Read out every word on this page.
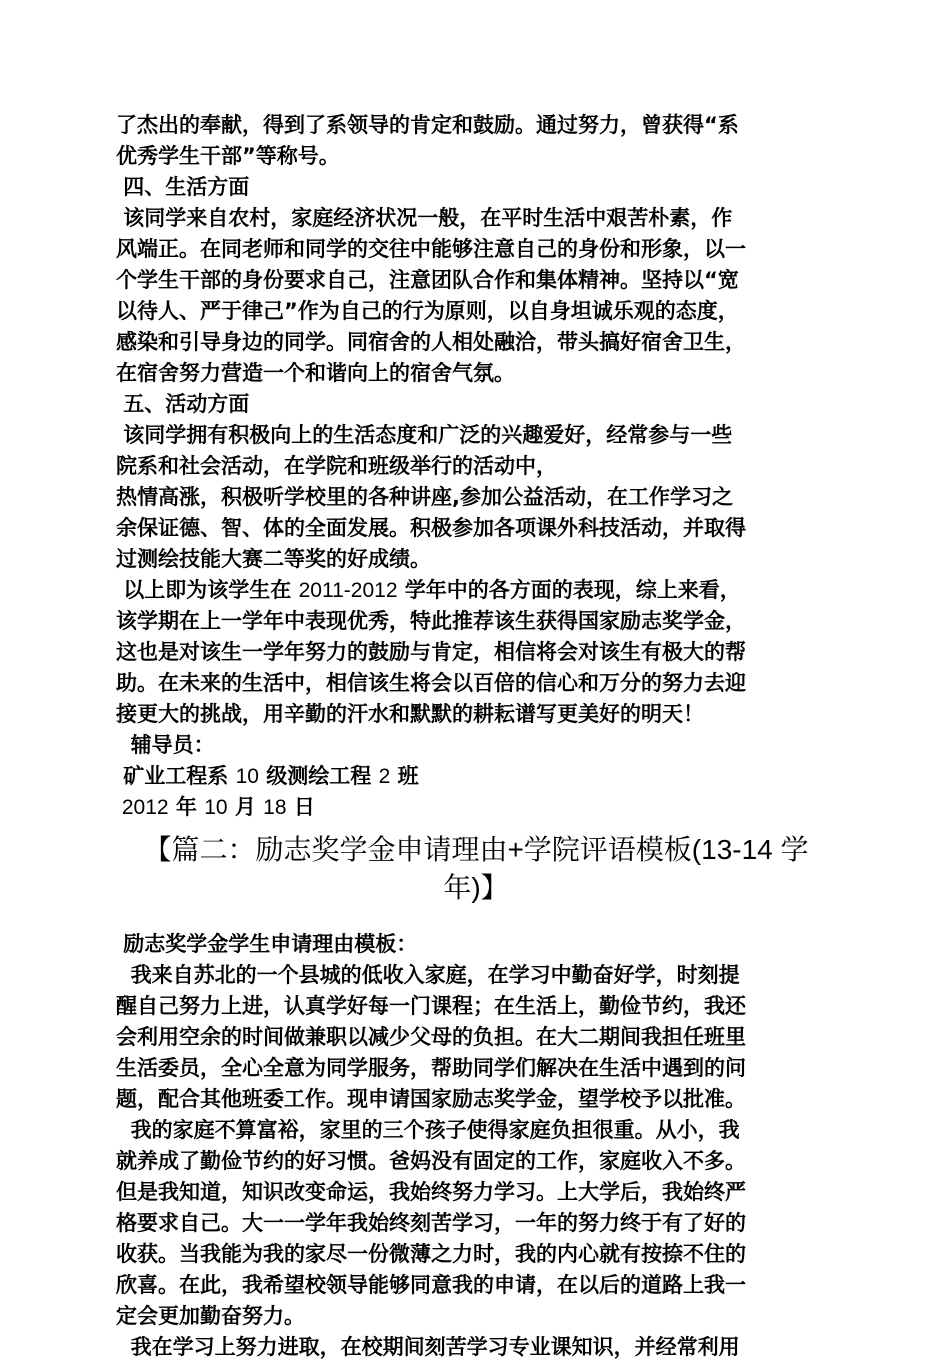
了杰出的奉献，得到了系领导的肯定和鼓励。通过努力，曾获得“系
优秀学生干部”等称号。
四、生活方面
该同学来自农村，家庭经济状况一般，在平时生活中艰苦朴素，作
风端正。在同老师和同学的交往中能够注意自己的身份和形象，以一
个学生干部的身份要求自己，注意团队合作和集体精神。坚持以“宽
以待人、严于律己”作为自己的行为原则，以自身坦诚乐观的态度，
感染和引导身边的同学。同宿舍的人相处融洽，带头搞好宿舍卫生，
在宿舍努力营造一个和谐向上的宿舍气氛。
五、活动方面
该同学拥有积极向上的生活态度和广泛的兴趣爱好，经常参与一些
院系和社会活动，在学院和班级举行的活动中，
热情高涨，积极听学校里的各种讲座,参加公益活动，在工作学习之
余保证德、智、体的全面发展。积极参加各项课外科技活动，并取得
过测绘技能大赛二等奖的好成绩。
以上即为该学生在 2011-2012 学年中的各方面的表现，综上来看，
该学期在上一学年中表现优秀，特此推荐该生获得国家励志奖学金，
这也是对该生一学年努力的鼓励与肯定，相信将会对该生有极大的帮
助。在未来的生活中，相信该生将会以百倍的信心和万分的努力去迎
接更大的挑战，用辛勤的汗水和默默的耕耘谱写更美好的明天！
辅导员：
矿业工程系 10 级测绘工程 2 班
2012 年 10 月 18 日
【篇二：励志奖学金申请理由+学院评语模板(13-14 学
年)】
励志奖学金学生申请理由模板：
我来自苏北的一个县城的低收入家庭，在学习中勤奋好学，时刻提
醒自己努力上进，认真学好每一门课程；在生活上，勤俭节约，我还
会利用空余的时间做兼职以减少父母的负担。在大二期间我担任班里
生活委员，全心全意为同学服务，帮助同学们解决在生活中遇到的问
题，配合其他班委工作。现申请国家励志奖学金，望学校予以批准。
我的家庭不算富裕，家里的三个孩子使得家庭负担很重。从小，我
就养成了勤俭节约的好习惯。爸妈没有固定的工作，家庭收入不多。
但是我知道，知识改变命运，我始终努力学习。上大学后，我始终严
格要求自己。大一一学年我始终刻苦学习，一年的努力终于有了好的
收获。当我能为我的家尽一份微薄之力时，我的内心就有按捺不住的
欣喜。在此，我希望校领导能够同意我的申请，在以后的道路上我一
定会更加勤奋努力。
我在学习上努力进取，在校期间刻苦学习专业课知识，并经常利用
